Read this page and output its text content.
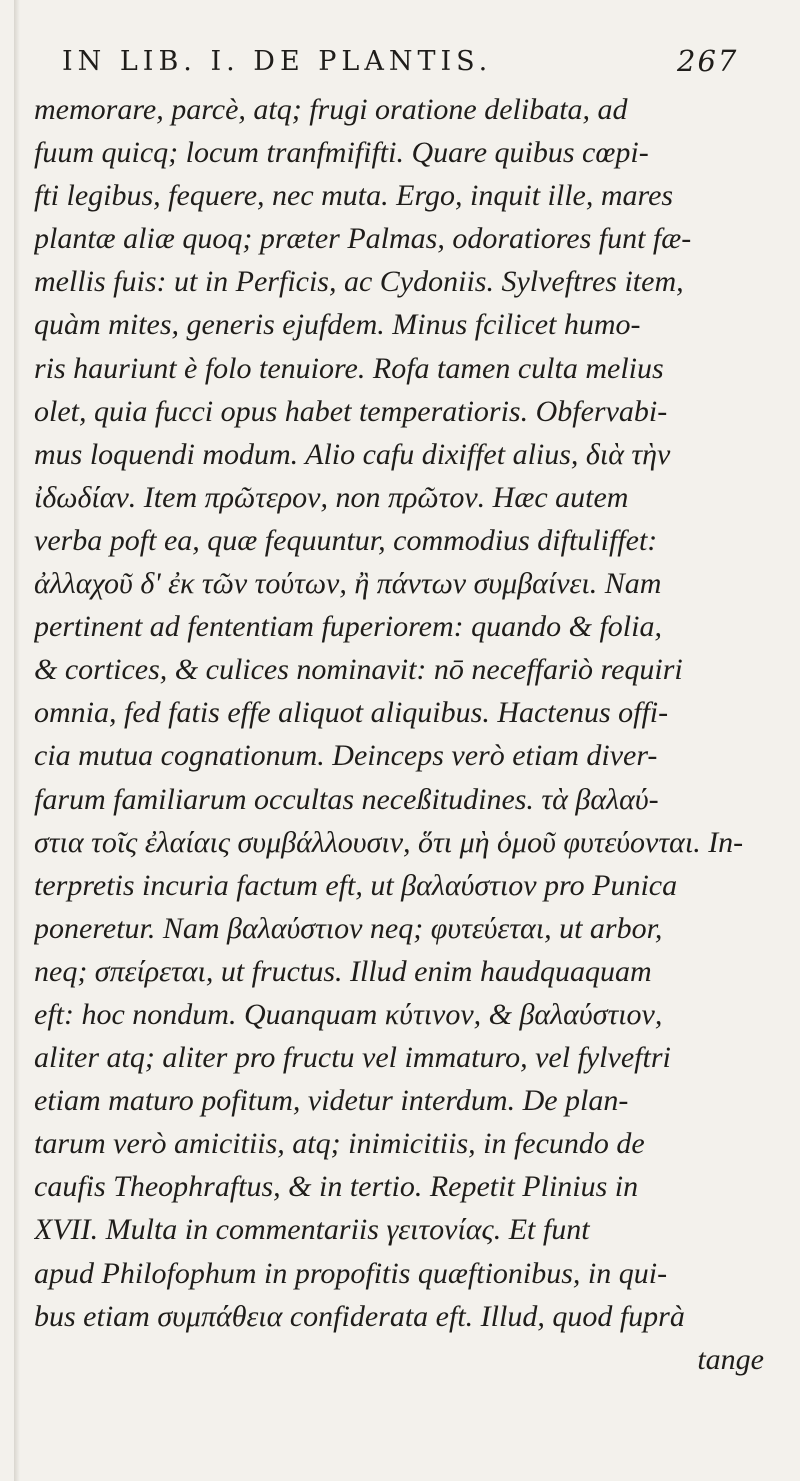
IN LIB. I. DE PLANTIS.	267
memorare, parcè, atq; frugi oratione delibata, ad
fuum quicq; locum tranfmififti. Quare quibus cœpi-
fti legibus, fequere, nec muta. Ergo, inquit ille, mares
plantæ aliæ quoq; præter Palmas, odoratiores funt fæ-
mellis fuis: ut in Perficis, ac Cydoniis. Sylveftres item,
quàm mites, generis ejufdem. Minus fcilicet humo-
ris hauriunt è folo tenuiore. Rofa tamen culta melius
olet, quia fucci opus habet temperatioris. Obfervabi-
mus loquendi modum. Alio cafu dixiffet alius, διὰ τὴν
ἰδωδίαν. Item πρῶτερον, non πρῶτον. Hæc autem
verba poft ea, quæ fequuntur, commodius diftuliffet:
ἀλλαχοῦ δ' ἐκ τῶν τούτων, ἢ πάντων συμβαίνει. Nam
pertinent ad fententiam fuperiorem: quando & folia,
& cortices, & culices nominavit: nō neceffariò requiri
omnia, fed fatis effe aliquot aliquibus. Hactenus offi-
cia mutua cognationum. Deinceps verò etiam diver-
farum familiarum occultas neceßitudines. τὰ βαλαύ-
στια τοῖς ἐλαίαις συμβάλλουσιν, ὅτι μὴ ὁμοῦ φυτεύονται. In-
terpretis incuria factum eft, ut βαλαύστιον pro Punica
poneretur. Nam βαλαύστιον neq; φυτεύεται, ut arbor,
neq; σπείρεται, ut fructus. Illud enim haudquaquam
eft: hoc nondum. Quanquam κύτινον, & βαλαύστιον,
aliter atq; aliter pro fructu vel immaturo, vel fylveftri
etiam maturo pofitum, videtur interdum. De plan-
tarum verò amicitiis, atq; inimicitiis, in fecundo de
caufis Theophraftus, & in tertio. Repetit Plinius in
XVII. Multa in commentariis γειτονίας. Et funt
apud Philofophum in propofitis quæftionibus, in qui-
bus etiam συμπάθεια confiderata eft. Illud, quod fuprà
tange
